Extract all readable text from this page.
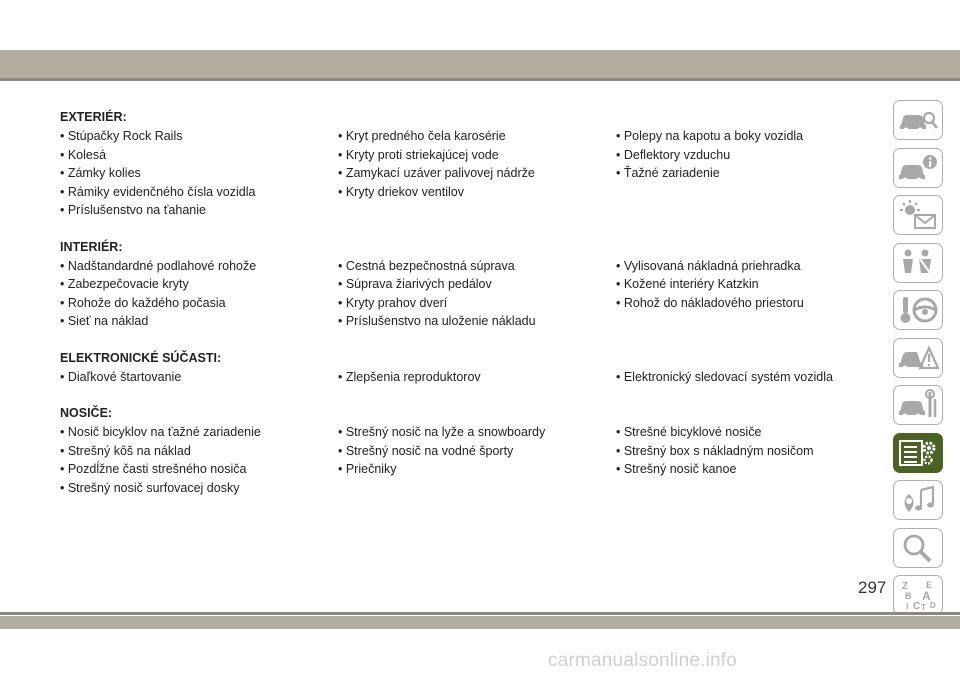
EXTERIÉR:
• Stúpačky Rock Rails	• Kryt predného čela karosérie	• Polepy na kapotu a boky vozidla
• Kolesá	• Kryty proti striekajúcej vode	• Deflektory vzduchu
• Zámky kolies	• Zamykací uzáver palivovej nádrže	• Ťažné zariadenie
• Rámiky evidenčného čísla vozidla	• Kryty driekov ventilov
• Príslušenstvo na ťahanie
INTERIÉR:
• Nadštandardné podlahové rohože	• Cestná bezpečnostná súprava	• Vylisovaná nákladná priehradka
• Zabezpečovacie kryty	• Súprava žiarivých pedálov	• Kožené interiéry Katzkin
• Rohože do každého počasia	• Kryty prahov dverí	• Rohož do nákladového priestoru
• Sieť na náklad	• Príslušenstvo na uloženie nákladu
ELEKTRONICKÉ SÚČASTI:
• Diaľkové štartovanie	• Zlepšenia reproduktorov	• Elektronický sledovací systém vozidla
NOSIČE:
• Nosič bicyklov na ťažné zariadenie	• Strešný nosič na lyže a snowboardy	• Strešné bicyklové nosiče
• Strešný kôš na náklad	• Strešný nosič na vodné športy	• Strešný box s nákladným nosičom
• Pozdĺžne časti strešného nosiča	• Priečniky	• Strešný nosič kanoe
• Strešný nosič surfovacej dosky
Z E
B A
C
I	D
T
297
carmanualsonline.info
